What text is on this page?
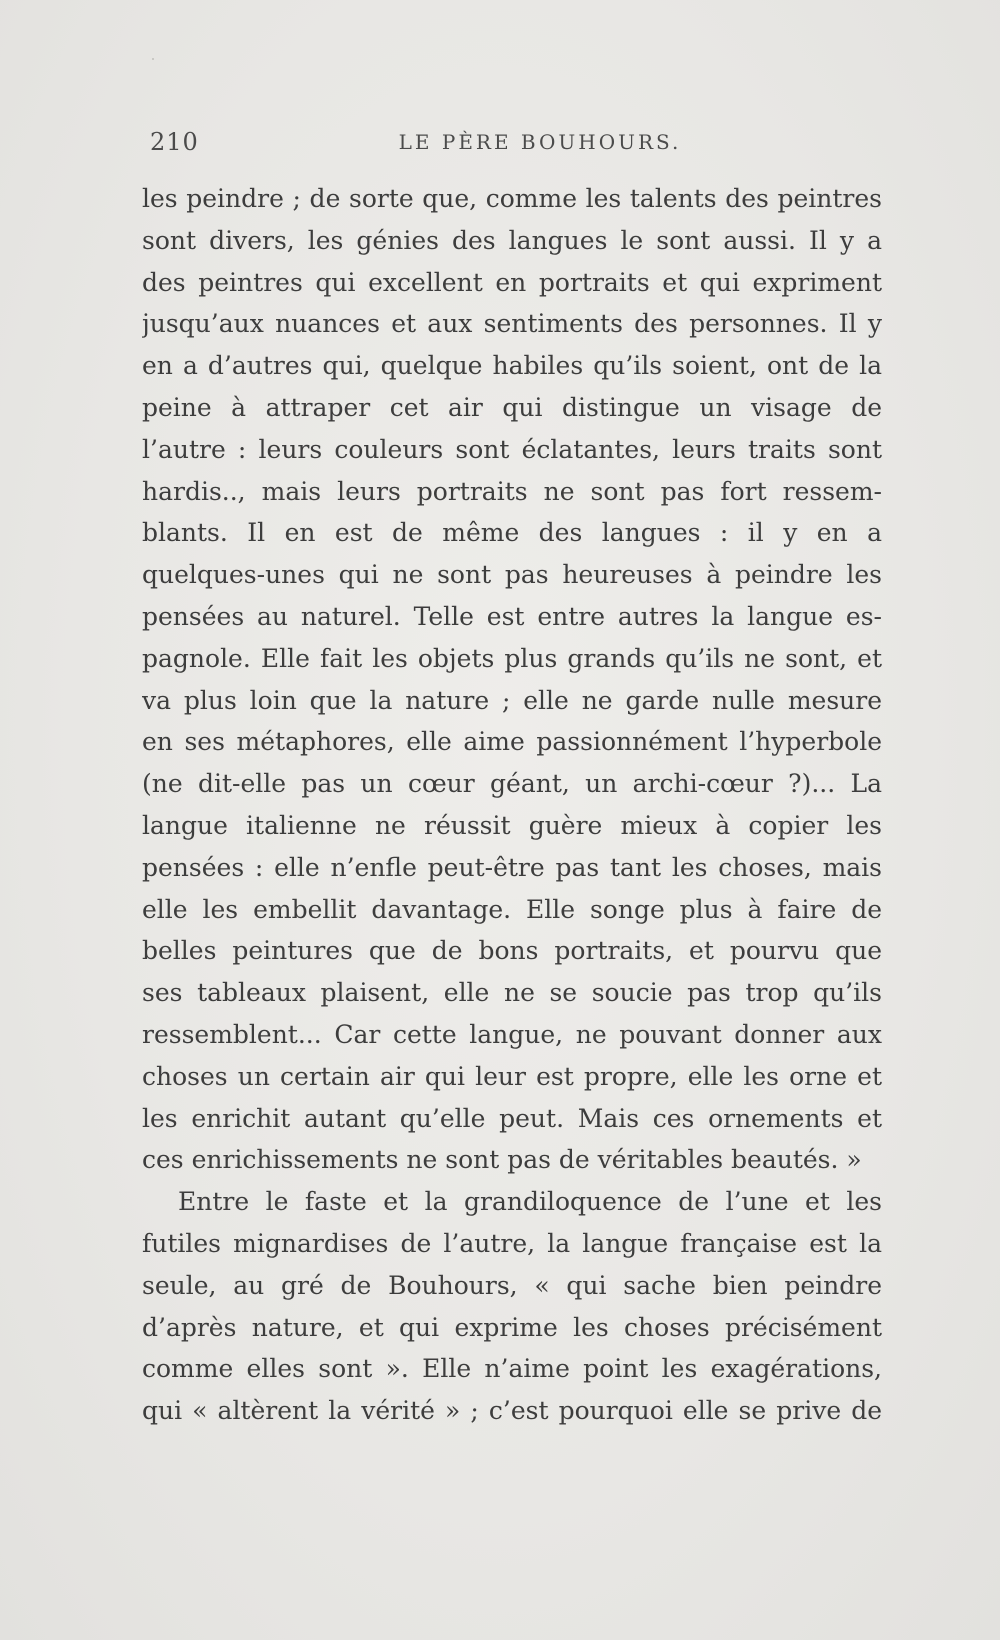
210	LE PÈRE BOUHOURS.
les peindre ; de sorte que, comme les talents des peintres
sont divers, les génies des langues le sont aussi. Il y a
des peintres qui excellent en portraits et qui expriment
jusqu’aux nuances et aux sentiments des personnes. Il y
en a d’autres qui, quelque habiles qu’ils soient, ont de la
peine à attraper cet air qui distingue un visage de
l’autre : leurs couleurs sont éclatantes, leurs traits sont
hardis.., mais leurs portraits ne sont pas fort ressem-
blants. Il en est de même des langues : il y en a
quelques-unes qui ne sont pas heureuses à peindre les
pensées au naturel. Telle est entre autres la langue es-
pagnole. Elle fait les objets plus grands qu’ils ne sont, et
va plus loin que la nature ; elle ne garde nulle mesure
en ses métaphores, elle aime passionnément l’hyperbole
(ne dit-elle pas un cœur géant, un archi-cœur ?)... La
langue italienne ne réussit guère mieux à copier les
pensées : elle n’enfle peut-être pas tant les choses, mais
elle les embellit davantage. Elle songe plus à faire de
belles peintures que de bons portraits, et pourvu que
ses tableaux plaisent, elle ne se soucie pas trop qu’ils
ressemblent... Car cette langue, ne pouvant donner aux
choses un certain air qui leur est propre, elle les orne et
les enrichit autant qu’elle peut. Mais ces ornements et
ces enrichissements ne sont pas de véritables beautés. »
Entre le faste et la grandiloquence de l’une et les
futiles mignardises de l’autre, la langue française est la
seule, au gré de Bouhours, « qui sache bien peindre
d’après nature, et qui exprime les choses précisément
comme elles sont ». Elle n’aime point les exagérations,
qui « altèrent la vérité » ; c’est pourquoi elle se prive de
